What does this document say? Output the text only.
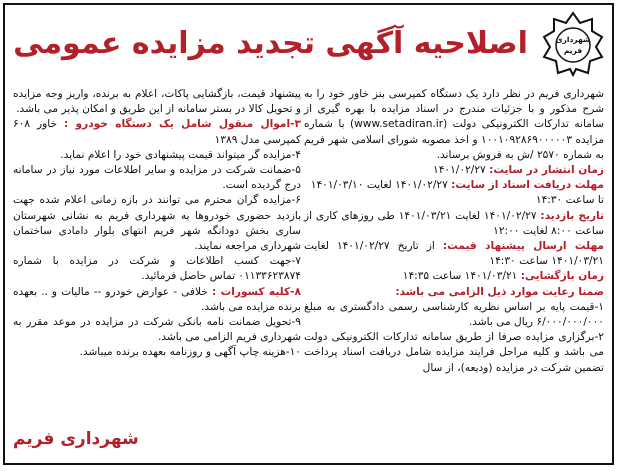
شهرداری
فریم
اصلاحیه آگهی تجدید مزایده عمومی

شهرداری فریم در نظر دارد یک دستگاه کمپرسی بنز خاور خود را به شرح مذکور و با جزئیات مندرج در اسناد مزایده با بهره گیری از سامانه تدارکات الکترونیکی دولت (www.setadiran.ir) با شماره مزایده ۱۰۰۱۰۹۲۸۶۹۰۰۰۰۰۳ و اخذ مصوبه شورای اسلامی شهر فریم به شماره ۲۵۷۰ /ش به فروش برساند.

زمان انتشار در سایت: ۱۴۰۱/۰۲/۲۷

مهلت دریافت اسناد از سایت: ۱۴۰۱/۰۲/۲۷ لغایت ۱۴۰۱/۰۳/۱۰

تا ساعت ۱۴:۳۰

تاریخ بازدید: ۱۴۰۱/۰۲/۲۷ لغایت ۱۴۰۱/۰۳/۲۱ طی روزهای کاری از ساعت ۸:۰۰ لغایت ۱۲:۰۰

مهلت ارسال پیشنهاد قیمت: از تاریخ ۱۴۰۱/۰۲/۲۷ لغایت ۱۴۰۱/۰۳/۲۱ ساعت ۱۴:۳۰

زمان بازگشایی: ۱۴۰۱/۰۳/۲۱ ساعت ۱۴:۳۵

ضمنا رعایت موارد ذیل الزامی می باشد:

۱-قیمت پایه بر اساس نظریه کارشناسی رسمی دادگستری به مبلغ ۶/۰۰۰/۰۰۰/۰۰۰ ریال می باشد.

۲-برگزاری مزایده صرفا از طریق سامانه تدارکات الکترونیکی دولت می باشد و کلیه مراحل فرایند مزایده شامل دریافت اسناد پرداخت تضمین شرکت در مزایده (ودیعه)، از سال

پیشنهاد قیمت، بازگشایی پاکات، اعلام به برنده، واریز وجه مزایده و تحویل کالا در بستر سامانه از این طریق و امکان پذیر می باشد.

۳-اموال منقول شامل یک دستگاه خودرو : خاور ۶۰۸ کمپرسی مدل ۱۳۸۹

۴-مزایده گر میتواند قیمت پیشنهادی خود را اعلام نماید.

۵-ضمانت شرکت در مزایده و سایر اطلاعات مورد نیاز در سامانه درج گردیده است.

۶-مزایده گران محترم می توانند در بازه زمانی اعلام شده جهت بازدید حضوری خودروها به شهرداری فریم به نشانی شهرستان ساری بخش دودانگه شهر فریم انتهای بلوار دامادی ساختمان شهرداری مراجعه نمایند.

۷-جهت کسب اطلاعات و شرکت در مزایده با شماره ۰۱۱۳۳۶۲۳۸۷۴ تماس حاصل فرمائید.

۸-کلیه کسورات : خلافی - عوارض خودرو -- مالیات و .. بعهده برنده مزایده می باشد.

۹-تحویل ضمانت نامه بانکی شرکت در مزایده در موعد مقرر به شهرداری فریم الزامی می باشد.

۱۰-هزینه چاپ آگهی و روزنامه بعهده برنده میباشد.

شهرداری فریم
